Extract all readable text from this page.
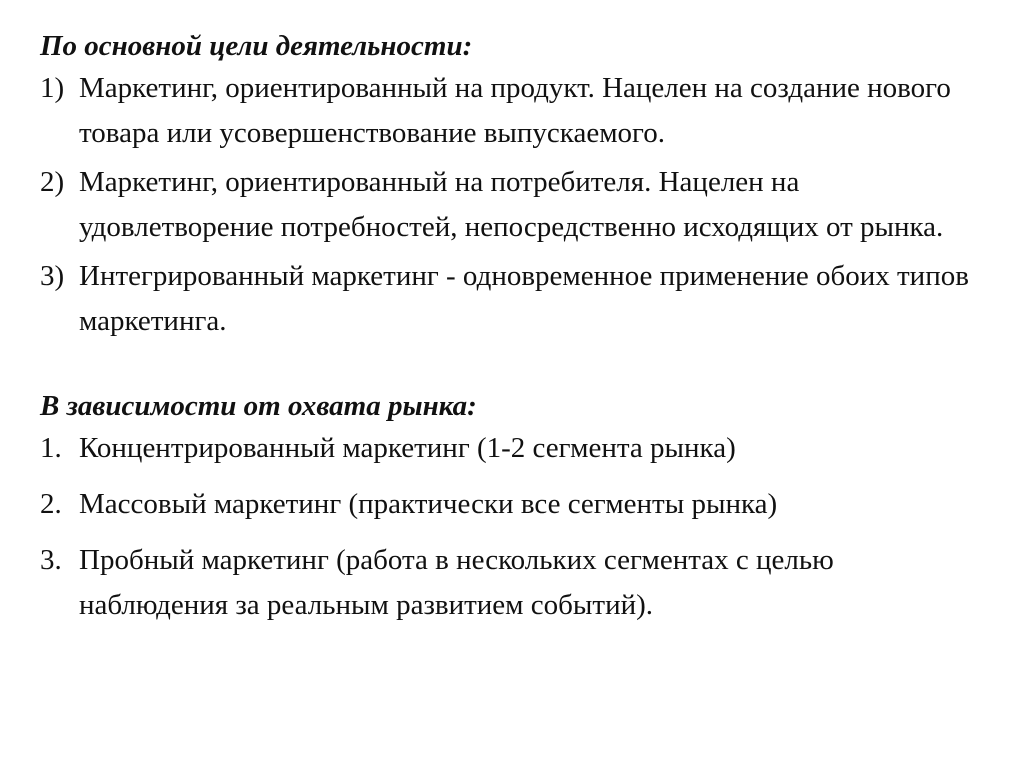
По основной цели деятельности:

1) Маркетинг, ориентированный на продукт. Нацелен на создание нового товара или усовершенствование выпускаемого.
2) Маркетинг, ориентированный на потребителя. Нацелен на удовлетворение потребностей, непосредственно исходящих от рынка.
3) Интегрированный маркетинг - одновременное применение обоих типов маркетинга.

В зависимости от охвата рынка:

1. Концентрированный маркетинг (1-2 сегмента рынка)
2. Массовый маркетинг (практически все сегменты рынка)
3. Пробный маркетинг (работа в нескольких сегментах с целью наблюдения за реальным развитием событий).
